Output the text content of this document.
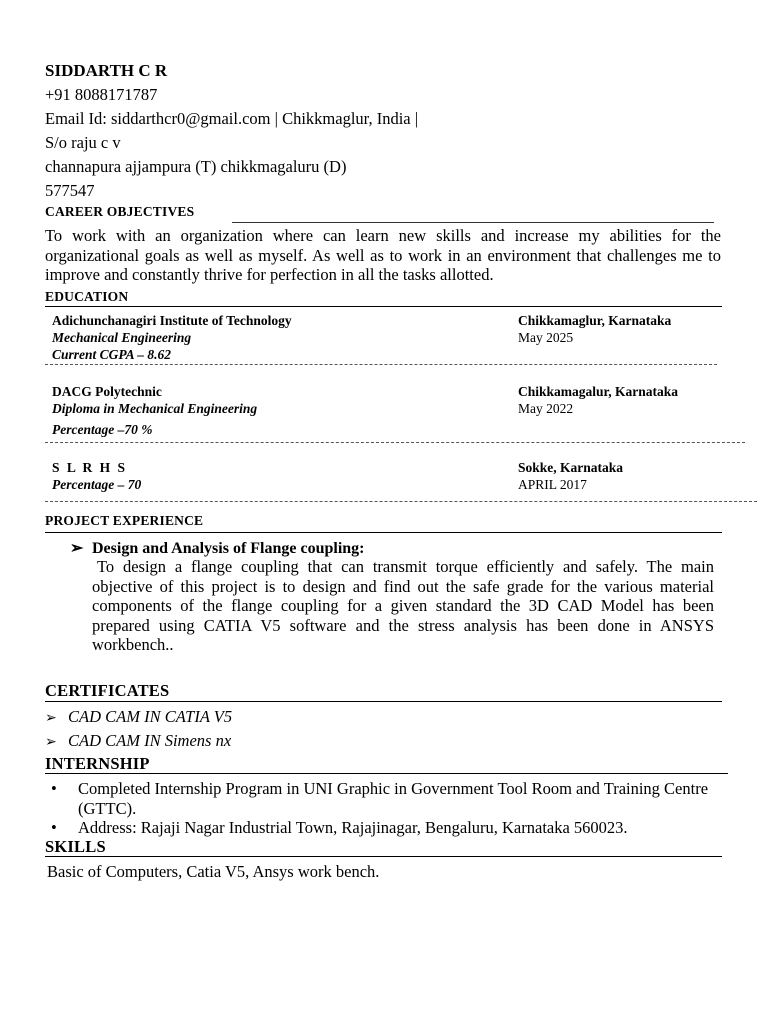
SIDDARTH C R
+91 8088171787
Email Id: siddarthcr0@gmail.com | Chikkmaglur, India |
S/o raju c v
channapura ajjampura (T) chikkmagaluru (D)
577547
CAREER OBJECTIVES
To work with an organization where can learn new skills and increase my abilities for the organizational goals as well as myself. As well as to work in an environment that challenges me to improve and constantly thrive for perfection in all the tasks allotted.
EDUCATION
Adichunchanagiri Institute of Technology
Mechanical Engineering
Current CGPA – 8.62
Chikkamaglur, Karnataka
May 2025
DACG Polytechnic
Diploma in Mechanical Engineering
Percentage –70 %
Chikkamagalur, Karnataka
May 2022
S L R H S
Percentage – 70
Sokke, Karnataka
APRIL 2017
PROJECT EXPERIENCE
➢ Design and Analysis of Flange coupling:
To design a flange coupling that can transmit torque efficiently and safely. The main objective of this project is to design and find out the safe grade for the various material components of the flange coupling for a given standard the 3D CAD Model has been prepared using CATIA V5 software and the stress analysis has been done in ANSYS workbench..
CERTIFICATES
➢ CAD CAM IN CATIA V5
➢ CAD CAM IN Simens nx
INTERNSHIP
• Completed Internship Program in UNI Graphic in Government Tool Room and Training Centre (GTTC).
• Address: Rajaji Nagar Industrial Town, Rajajinagar, Bengaluru, Karnataka 560023.
SKILLS
Basic of Computers, Catia V5, Ansys work bench.
